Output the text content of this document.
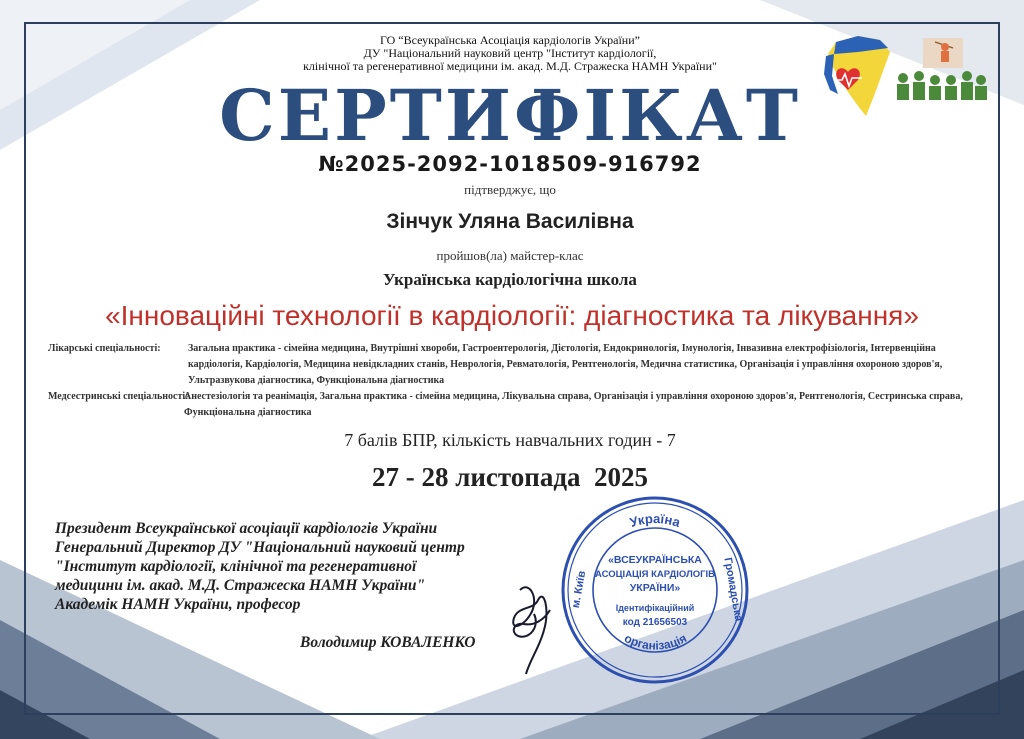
ГО “Всеукраїнська Асоціація кардіологів України”
ДУ "Національний науковий центр "Інститут кардіології,
клінічної та регенеративної медицини ім. акад. М.Д. Стражеска НАМН України"
СЕРТИФІКАТ
№2025-2092-1018509-916792
підтверджує, що
Зінчук Уляна Василівна
пройшов(ла) майстер-клас
Українська кардіологічна школа
«Інноваційні технології в кардіології: діагностика та лікування»
Лікарські спеціальності:	Загальна практика - сімейна медицина, Внутрішні хвороби, Гастроентерологія, Дієтологія, Ендокринологія, Імунологія, Інвазивна електрофізіологія, Інтервенційна кардіологія, Кардіологія, Медицина невідкладних станів, Неврологія, Ревматологія, Рентгенологія, Медична статистика, Організація і управління охороною здоров'я, Ультразвукова діагностика, Функціональна діагностика
Медсестринські спеціальності:
Анестезіологія та реанімація, Загальна практика - сімейна медицина, Лікувальна справа, Організація і управління охороною здоров'я, Рентгенологія, Сестринська справа, Функціональна діагностика
7 балів БПР, кількість навчальних годин - 7
27 - 28 листопада  2025
Президент Всеукраїнської асоціації кардіологів України
Генеральний Директор ДУ "Національний науковий центр
"Інститут кардіології, клінічної та регенеративної
медицини ім. акад. М.Д. Стражеска НАМН України"
Академік НАМН України, професор
Володимир КОВАЛЕНКО
Україна
організація
м. Київ	Громадська
«ВСЕУКРАЇНСЬКА
АСОЦІАЦІЯ КАРДІОЛОГІВ
УКРАЇНИ»
Ідентифікаційний
код 21656503
